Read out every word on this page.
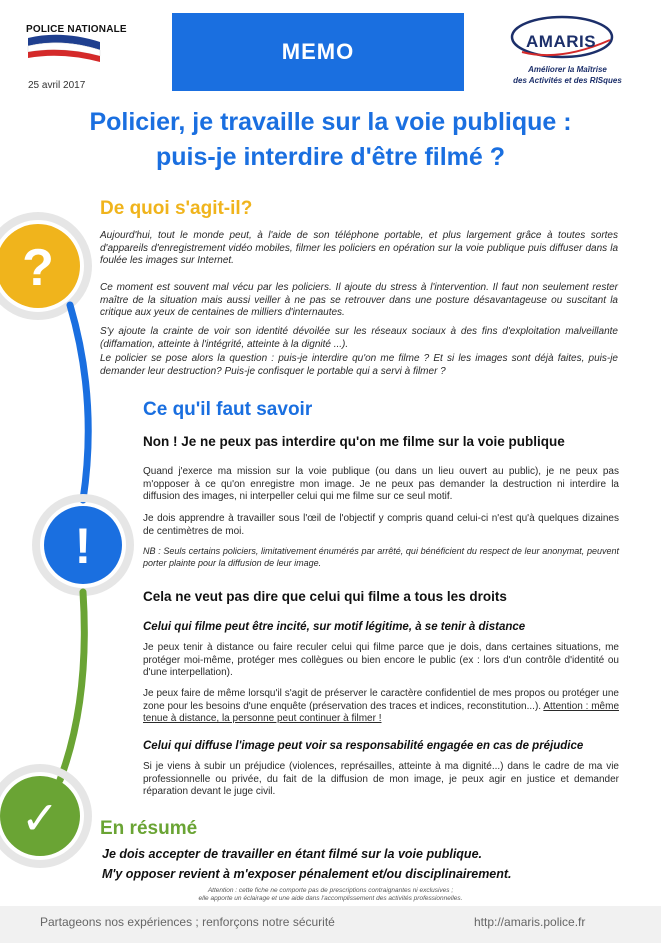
?
!
✓
POLICE NATIONALE
25 avril 2017
MEMO	AMARIS
Améliorer la Maîtrise
des Activités et des RISques
Policier, je travaille sur la voie publique :
puis-je interdire d'être filmé ?
De quoi s'agit-il?
Aujourd'hui, tout le monde peut, à l'aide de son téléphone portable, et plus largement grâce à toutes sortes d'appareils d'enregistrement vidéo mobiles, filmer les policiers en opération sur la voie publique puis diffuser dans la foulée les images sur Internet.
Ce moment est souvent mal vécu par les policiers. Il ajoute du stress à l'intervention. Il faut non seulement rester maître de la situation mais aussi veiller à ne pas se retrouver dans une posture désavantageuse ou suscitant la critique aux yeux de centaines de milliers d'internautes.
S'y ajoute la crainte de voir son identité dévoilée sur les réseaux sociaux à des fins d'exploitation malveillante (diffamation, atteinte à l'intégrité, atteinte à la dignité ...).
Le policier se pose alors la question : puis-je interdire qu'on me filme ? Et si les images sont déjà faites, puis-je demander leur destruction? Puis-je confisquer le portable qui a servi à filmer ?
Ce qu'il faut savoir
Non ! Je ne peux pas interdire qu'on me filme sur la voie publique
Quand j'exerce ma mission sur la voie publique (ou dans un lieu ouvert au public), je ne peux pas m'opposer à ce qu'on enregistre mon image. Je ne peux pas demander la destruction ni interdire la diffusion des images, ni interpeller celui qui me filme sur ce seul motif.
Je dois apprendre à travailler sous l'œil de l'objectif y compris quand celui-ci n'est qu'à quelques dizaines de centimètres de moi.
NB : Seuls certains policiers, limitativement énumérés par arrêté, qui bénéficient du respect de leur anonymat, peuvent porter plainte pour la diffusion de leur image.
Cela ne veut pas dire que celui qui filme a tous les droits
Celui qui filme peut être incité, sur motif légitime, à se tenir à distance
Je peux tenir à distance ou faire reculer celui qui filme parce que je dois, dans certaines situations, me protéger moi-même, protéger mes collègues ou bien encore le public (ex : lors d'un contrôle d'identité ou d'une interpellation).
Je peux faire de même lorsqu'il s'agit de préserver le caractère confidentiel de mes propos ou protéger une zone pour les besoins d'une enquête (préservation des traces et indices, reconstitution...). Attention : même tenue à distance, la personne peut continuer à filmer !
Celui qui diffuse l'image peut voir sa responsabilité engagée en cas de préjudice
Si je viens à subir un préjudice (violences, représailles, atteinte à ma dignité...) dans le cadre de ma vie professionnelle ou privée, du fait de la diffusion de mon image, je peux agir en justice et demander réparation devant le juge civil.
En résumé
Je dois accepter de travailler en étant filmé sur la voie publique.
M'y opposer revient à m'exposer pénalement et/ou disciplinairement.
Attention : cette fiche ne comporte pas de prescriptions contraignantes ni exclusives ;
elle apporte un éclairage et une aide dans l'accomplissement des activités professionnelles.
Partageons nos expériences ; renforçons notre sécurité	http://amaris.police.fr
